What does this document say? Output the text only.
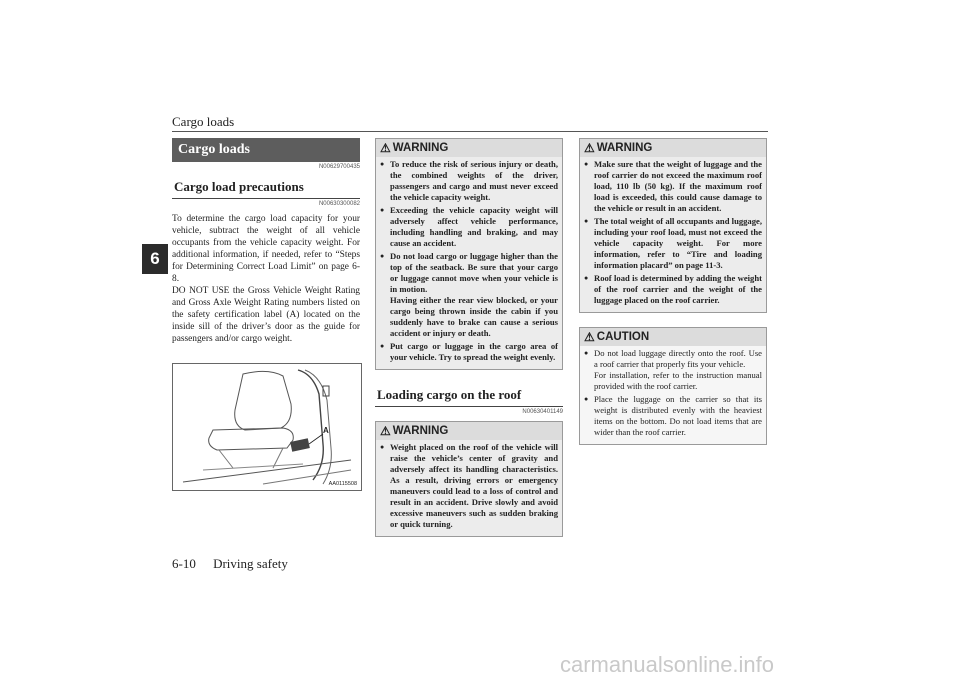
Cargo loads
6
Cargo loads
N00629700435
Cargo load precautions
N00630300082
To determine the cargo load capacity for your vehicle, subtract the weight of all vehicle occupants from the vehicle capacity weight. For additional information, if needed, refer to “Steps for Determining Correct Load Limit” on page 6-8.
DO NOT USE the Gross Vehicle Weight Rating and Gross Axle Weight Rating numbers listed on the safety certification label (A) located on the inside sill of the driver’s door as the guide for passengers and/or cargo weight.
A
AA0115508
⚠ WARNING
● To reduce the risk of serious injury or death, the combined weights of the driver, passengers and cargo and must never exceed the vehicle capacity weight.
● Exceeding the vehicle capacity weight will adversely affect vehicle performance, including handling and braking, and may cause an accident.
● Do not load cargo or luggage higher than the top of the seatback. Be sure that your cargo or luggage cannot move when your vehicle is in motion.
Having either the rear view blocked, or your cargo being thrown inside the cabin if you suddenly have to brake can cause a serious accident or injury or death.
● Put cargo or luggage in the cargo area of your vehicle. Try to spread the weight evenly.
Loading cargo on the roof
N00630401149
⚠ WARNING
● Weight placed on the roof of the vehicle will raise the vehicle’s center of gravity and adversely affect its handling characteristics. As a result, driving errors or emergency maneuvers could lead to a loss of control and result in an accident. Drive slowly and avoid excessive maneuvers such as sudden braking or quick turning.
⚠ WARNING
● Make sure that the weight of luggage and the roof carrier do not exceed the maximum roof load, 110 lb (50 kg). If the maximum roof load is exceeded, this could cause damage to the vehicle or result in an accident.
● The total weight of all occupants and luggage, including your roof load, must not exceed the vehicle capacity weight. For more information, refer to “Tire and loading information placard” on page 11-3.
● Roof load is determined by adding the weight of the roof carrier and the weight of the luggage placed on the roof carrier.
⚠ CAUTION
● Do not load luggage directly onto the roof. Use a roof carrier that properly fits your vehicle.
For installation, refer to the instruction manual provided with the roof carrier.
● Place the luggage on the carrier so that its weight is distributed evenly with the heaviest items on the bottom. Do not load items that are wider than the roof carrier.
6-10 Driving safety
carmanualsonline.info
